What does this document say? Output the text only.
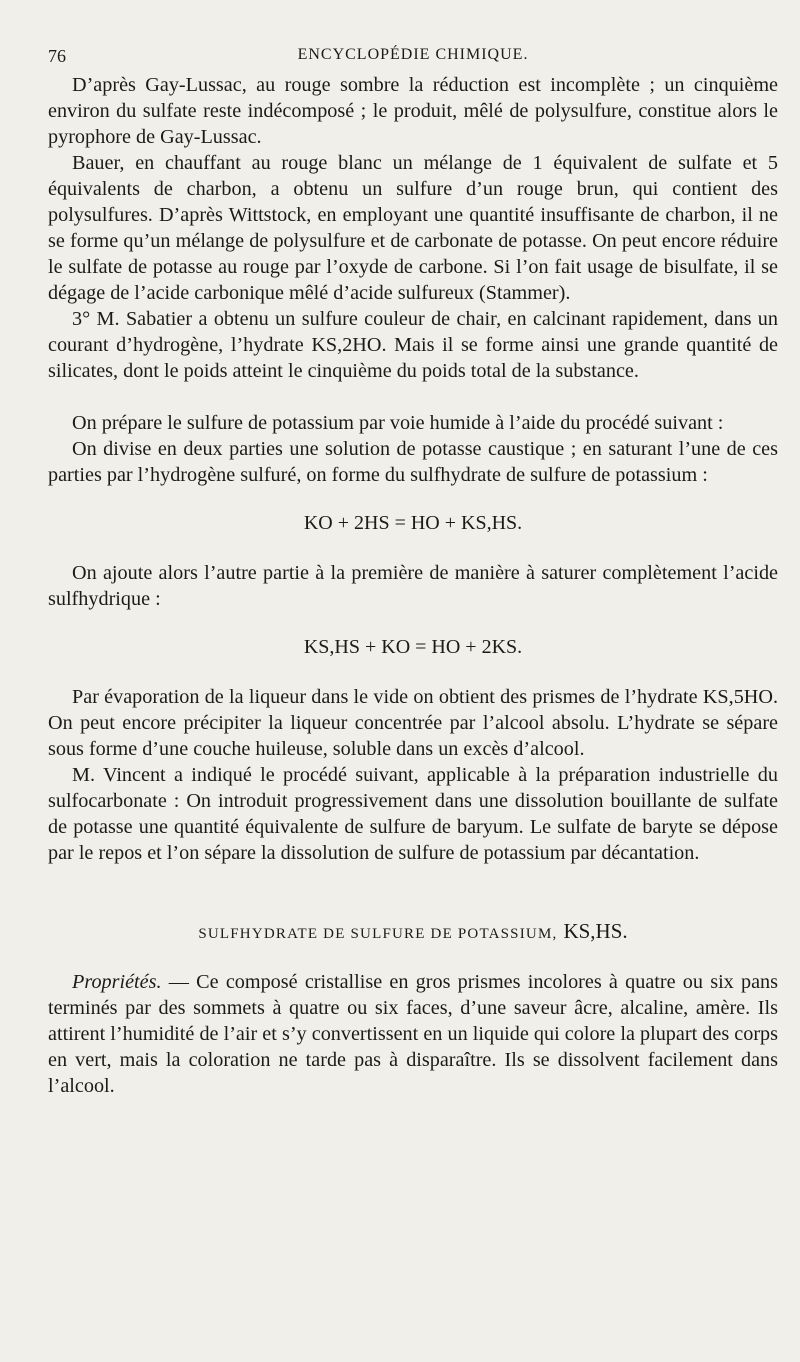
76	ENCYCLOPÉDIE CHIMIQUE.

D’après Gay-Lussac, au rouge sombre la réduction est incomplète ; un cinquième environ du sulfate reste indécomposé ; le produit, mêlé de polysulfure, constitue alors le pyrophore de Gay-Lussac.

Bauer, en chauffant au rouge blanc un mélange de 1 équivalent de sulfate et 5 équivalents de charbon, a obtenu un sulfure d’un rouge brun, qui contient des polysulfures. D’après Wittstock, en employant une quantité insuffisante de charbon, il ne se forme qu’un mélange de polysulfure et de carbonate de potasse. On peut encore réduire le sulfate de potasse au rouge par l’oxyde de carbone. Si l’on fait usage de bisulfate, il se dégage de l’acide carbonique mêlé d’acide sulfureux (Stammer).

3° M. Sabatier a obtenu un sulfure couleur de chair, en calcinant rapidement, dans un courant d’hydrogène, l’hydrate KS,2HO. Mais il se forme ainsi une grande quantité de silicates, dont le poids atteint le cinquième du poids total de la substance.

On prépare le sulfure de potassium par voie humide à l’aide du procédé suivant :

On divise en deux parties une solution de potasse caustique ; en saturant l’une de ces parties par l’hydrogène sulfuré, on forme du sulfhydrate de sulfure de potassium :

KO + 2HS = HO + KS,HS.

On ajoute alors l’autre partie à la première de manière à saturer complètement l’acide sulfhydrique :

KS,HS + KO = HO + 2KS.

Par évaporation de la liqueur dans le vide on obtient des prismes de l’hydrate KS,5HO. On peut encore précipiter la liqueur concentrée par l’alcool absolu. L’hydrate se sépare sous forme d’une couche huileuse, soluble dans un excès d’alcool.

M. Vincent a indiqué le procédé suivant, applicable à la préparation industrielle du sulfocarbonate : On introduit progressivement dans une dissolution bouillante de sulfate de potasse une quantité équivalente de sulfure de baryum. Le sulfate de baryte se dépose par le repos et l’on sépare la dissolution de sulfure de potassium par décantation.

SULFHYDRATE DE SULFURE DE POTASSIUM, KS,HS.

Propriétés. — Ce composé cristallise en gros prismes incolores à quatre ou six pans terminés par des sommets à quatre ou six faces, d’une saveur âcre, alcaline, amère. Ils attirent l’humidité de l’air et s’y convertissent en un liquide qui colore la plupart des corps en vert, mais la coloration ne tarde pas à disparaître. Ils se dissolvent facilement dans l’alcool.
